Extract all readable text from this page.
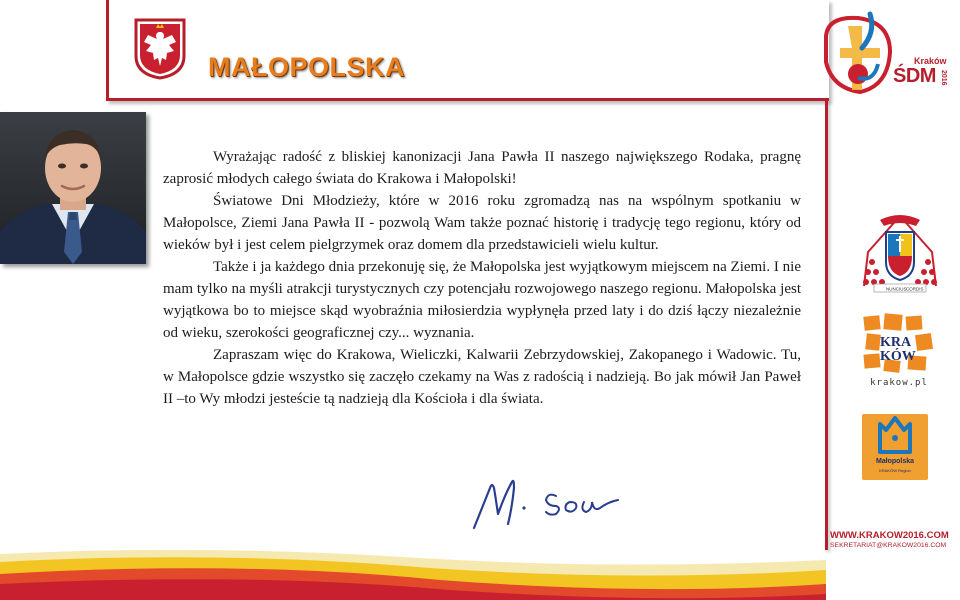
MAŁOPOLSKA	Kraków
ŚDM 2016

Wyrażając radość z bliskiej kanonizacji Jana Pawła II naszego największego Rodaka, pragnę zaprosić młodych całego świata do Krakowa i Małopolski!

Światowe Dni Młodzieży, które w 2016 roku zgromadzą nas na wspólnym spotkaniu w Małopolsce, Ziemi Jana Pawła II - pozwolą Wam także poznać historię i tradycję tego regionu, który od wieków był i jest celem pielgrzymek oraz domem dla przedstawicieli wielu kultur.

Także i ja każdego dnia przekonuję się, że Małopolska jest wyjątkowym miejscem na Ziemi. I nie mam tylko na myśli atrakcji turystycznych czy potencjału rozwojowego naszego regionu. Małopolska jest wyjątkowa bo to miejsce skąd wyobraźnia miłosierdzia wypłynęła przed laty i do dziś łączy niezależnie od wieku, szerokości geograficznej czy... wyznania.

Zapraszam więc do Krakowa, Wieliczki, Kalwarii Zebrzydowskiej, Zakopanego i Wadowic. Tu, w Małopolsce gdzie wszystko się zaczęło czekamy na Was z radością i nadzieją. Bo jak mówił Jan Paweł II –to Wy młodzi jesteście tą nadzieją dla Kościoła i dla świata.

NUNCIUS CORDIS
KRA
KÓW
krakow.pl
Małopolska
KRAKÓW Region
WWW.KRAKOW2016.COM
SEKRETARIAT@KRAKOW2016.COM
